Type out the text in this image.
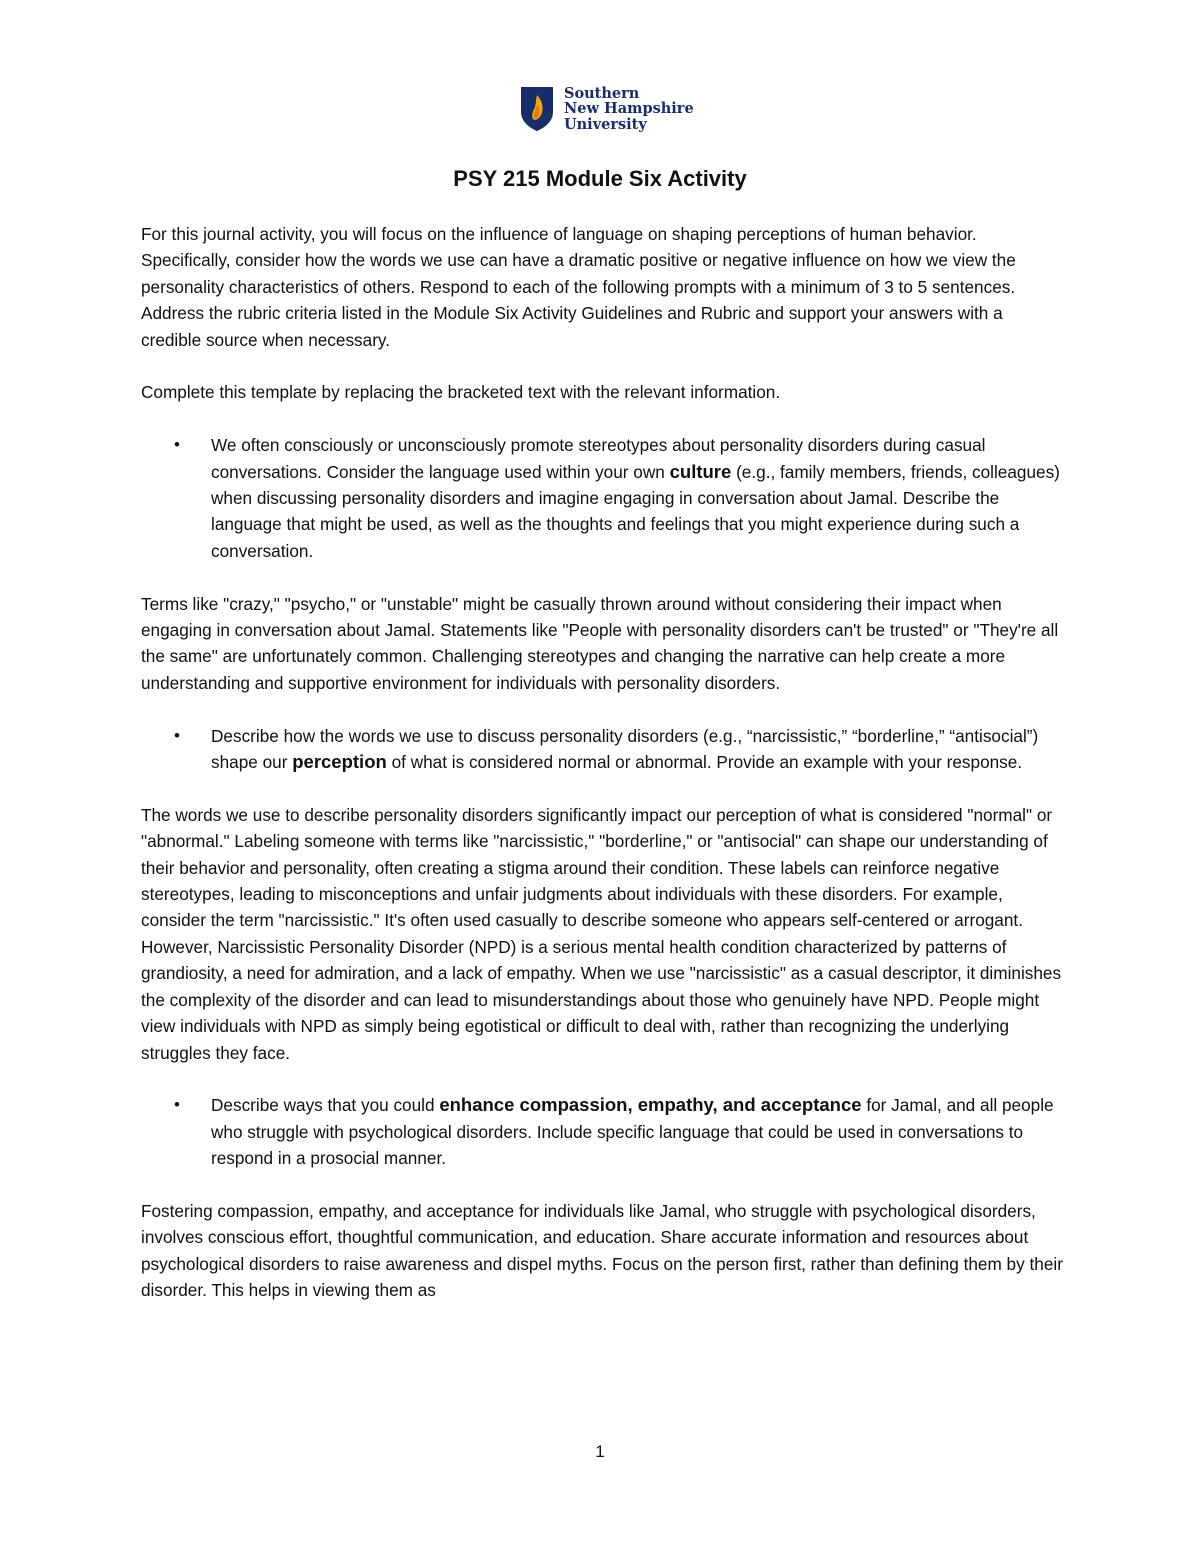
Southern
New Hampshire
University
PSY 215 Module Six Activity

For this journal activity, you will focus on the influence of language on shaping perceptions of human behavior. Specifically, consider how the words we use can have a dramatic positive or negative influence on how we view the personality characteristics of others. Respond to each of the following prompts with a minimum of 3 to 5 sentences. Address the rubric criteria listed in the Module Six Activity Guidelines and Rubric and support your answers with a credible source when necessary.

Complete this template by replacing the bracketed text with the relevant information.

• We often consciously or unconsciously promote stereotypes about personality disorders during casual conversations. Consider the language used within your own culture (e.g., family members, friends, colleagues) when discussing personality disorders and imagine engaging in conversation about Jamal. Describe the language that might be used, as well as the thoughts and feelings that you might experience during such a conversation.

Terms like "crazy," "psycho," or "unstable" might be casually thrown around without considering their impact when engaging in conversation about Jamal. Statements like "People with personality disorders can't be trusted" or "They're all the same" are unfortunately common. Challenging stereotypes and changing the narrative can help create a more understanding and supportive environment for individuals with personality disorders.

• Describe how the words we use to discuss personality disorders (e.g., “narcissistic,” “borderline,” “antisocial”) shape our perception of what is considered normal or abnormal. Provide an example with your response.

The words we use to describe personality disorders significantly impact our perception of what is considered "normal" or "abnormal." Labeling someone with terms like "narcissistic," "borderline," or "antisocial" can shape our understanding of their behavior and personality, often creating a stigma around their condition. These labels can reinforce negative stereotypes, leading to misconceptions and unfair judgments about individuals with these disorders. For example, consider the term "narcissistic." It's often used casually to describe someone who appears self-centered or arrogant. However, Narcissistic Personality Disorder (NPD) is a serious mental health condition characterized by patterns of grandiosity, a need for admiration, and a lack of empathy. When we use "narcissistic" as a casual descriptor, it diminishes the complexity of the disorder and can lead to misunderstandings about those who genuinely have NPD. People might view individuals with NPD as simply being egotistical or difficult to deal with, rather than recognizing the underlying struggles they face.

• Describe ways that you could enhance compassion, empathy, and acceptance for Jamal, and all people who struggle with psychological disorders. Include specific language that could be used in conversations to respond in a prosocial manner.

Fostering compassion, empathy, and acceptance for individuals like Jamal, who struggle with psychological disorders, involves conscious effort, thoughtful communication, and education. Share accurate information and resources about psychological disorders to raise awareness and dispel myths. Focus on the person first, rather than defining them by their disorder. This helps in viewing them as

1
